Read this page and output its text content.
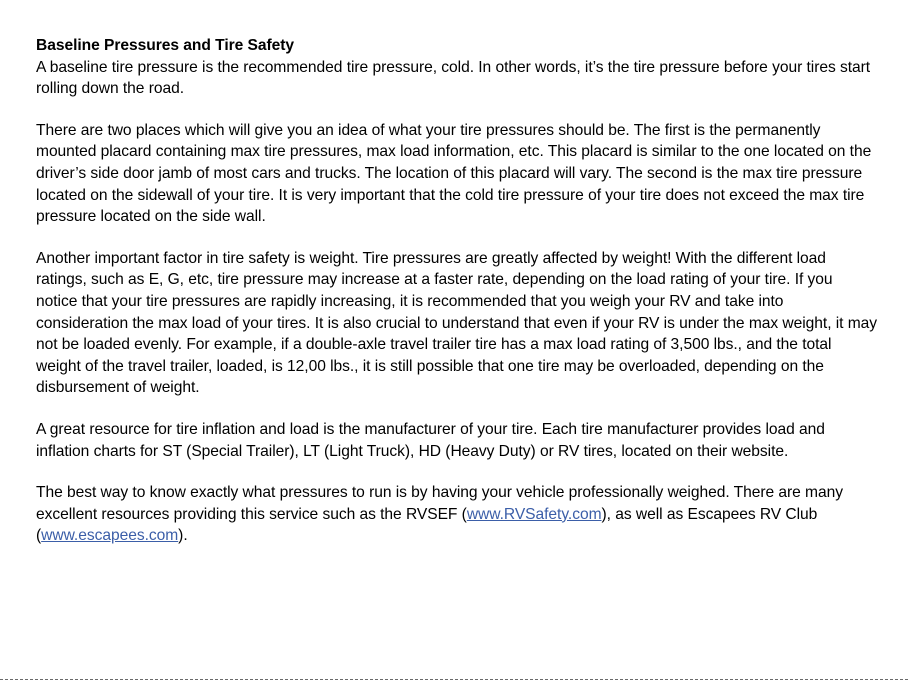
Baseline Pressures and Tire Safety

A baseline tire pressure is the recommended tire pressure, cold. In other words, it’s the tire pressure before your tires start rolling down the road.

There are two places which will give you an idea of what your tire pressures should be. The first is the permanently mounted placard containing max tire pressures, max load information, etc. This placard is similar to the one located on the driver’s side door jamb of most cars and trucks. The location of this placard will vary. The second is the max tire pressure located on the sidewall of your tire. It is very important that the cold tire pressure of your tire does not exceed the max tire pressure located on the side wall.

Another important factor in tire safety is weight. Tire pressures are greatly affected by weight! With the different load ratings, such as E, G, etc, tire pressure may increase at a faster rate, depending on the load rating of your tire. If you notice that your tire pressures are rapidly increasing, it is recommended that you weigh your RV and take into consideration the max load of your tires. It is also crucial to understand that even if your RV is under the max weight, it may not be loaded evenly. For example, if a double-axle travel trailer tire has a max load rating of 3,500 lbs., and the total weight of the travel trailer, loaded, is 12,00 lbs., it is still possible that one tire may be overloaded, depending on the disbursement of weight.

A great resource for tire inflation and load is the manufacturer of your tire. Each tire manufacturer provides load and inflation charts for ST (Special Trailer), LT (Light Truck), HD (Heavy Duty) or RV tires, located on their website.

The best way to know exactly what pressures to run is by having your vehicle professionally weighed. There are many excellent resources providing this service such as the RVSEF (www.RVSafety.com), as well as Escapees RV Club (www.escapees.com).
